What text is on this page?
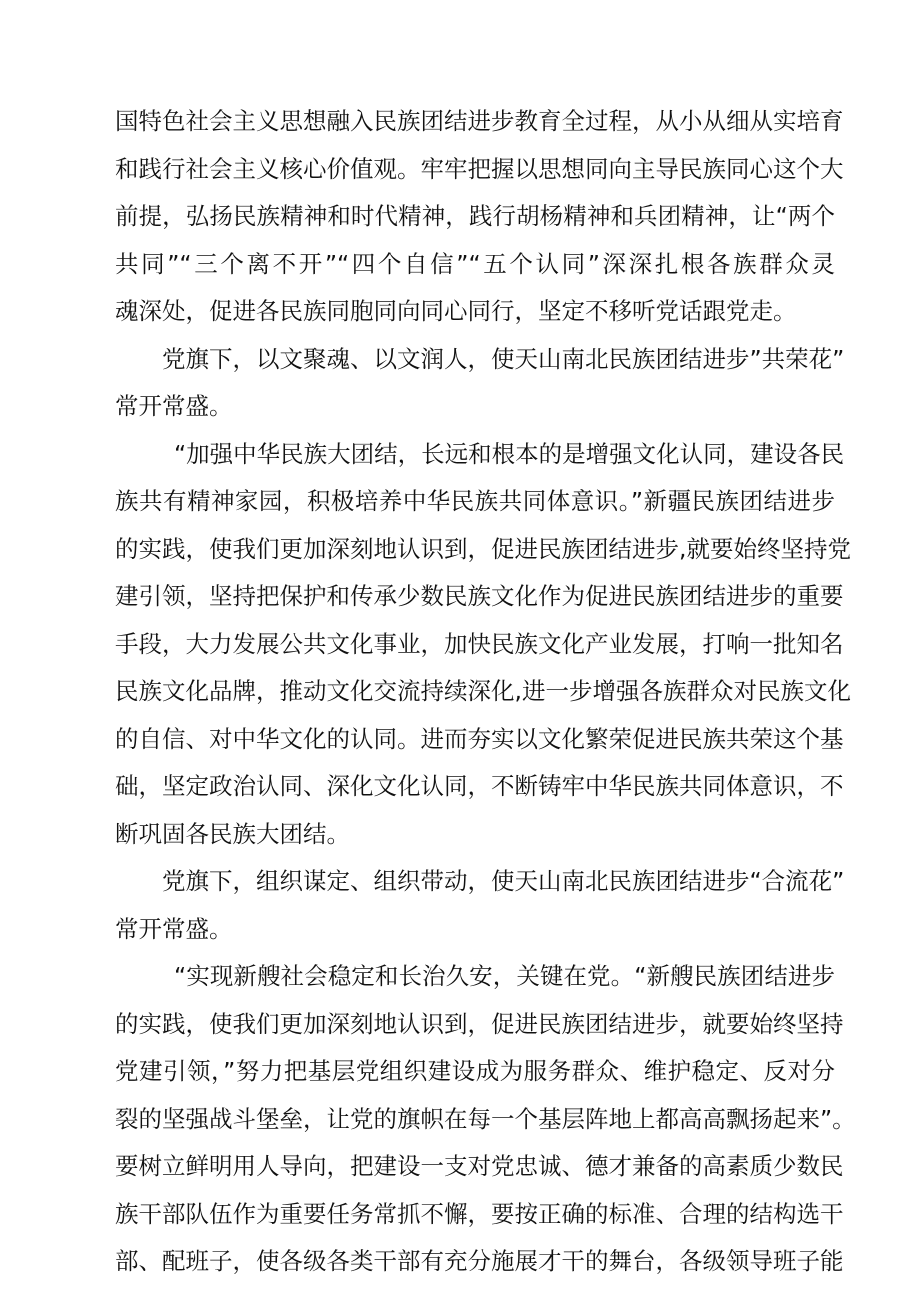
国特色社会主义思想融入民族团结进步教育全过程，从小从细从实培育
和践行社会主义核心价值观。牢牢把握以思想同向主导民族同心这个大
前提，弘扬民族精神和时代精神，践行胡杨精神和兵团精神，让“两个
共同”“三个离不开”“四个自信”“五个认同”深深扎根各族群众灵
魂深处，促进各民族同胞同向同心同行，坚定不移听党话跟党走。
党旗下，以文聚魂、以文润人，使天山南北民族团结进步”共荣花”
常开常盛。
“加强中华民族大团结，长远和根本的是增强文化认同，建设各民
族共有精神家园，积极培养中华民族共同体意识。”新疆民族团结进步
的实践，使我们更加深刻地认识到，促进民族团结进步,就要始终坚持党
建引领，坚持把保护和传承少数民族文化作为促进民族团结进步的重要
手段，大力发展公共文化事业，加快民族文化产业发展，打响一批知名
民族文化品牌，推动文化交流持续深化,进一步增强各族群众对民族文化
的自信、对中华文化的认同。进而夯实以文化繁荣促进民族共荣这个基
础，坚定政治认同、深化文化认同，不断铸牢中华民族共同体意识，不
断巩固各民族大团结。
党旗下，组织谋定、组织带动，使天山南北民族团结进步“合流花”
常开常盛。
“实现新艘社会稳定和长治久安，关键在党。“新艘民族团结进步
的实践，使我们更加深刻地认识到，促进民族团结进步，就要始终坚持
党建引领，”努力把基层党组织建设成为服务群众、维护稳定、反对分
裂的坚强战斗堡垒，让党的旗帜在每一个基层阵地上都高高飘扬起来”。
要树立鲜明用人导向，把建设一支对党忠诚、德才兼备的高素质少数民
族干部队伍作为重要任务常抓不懈，要按正确的标准、合理的结构选干
部、配班子，使各级各类干部有充分施展才干的舞台，各级领导班子能
